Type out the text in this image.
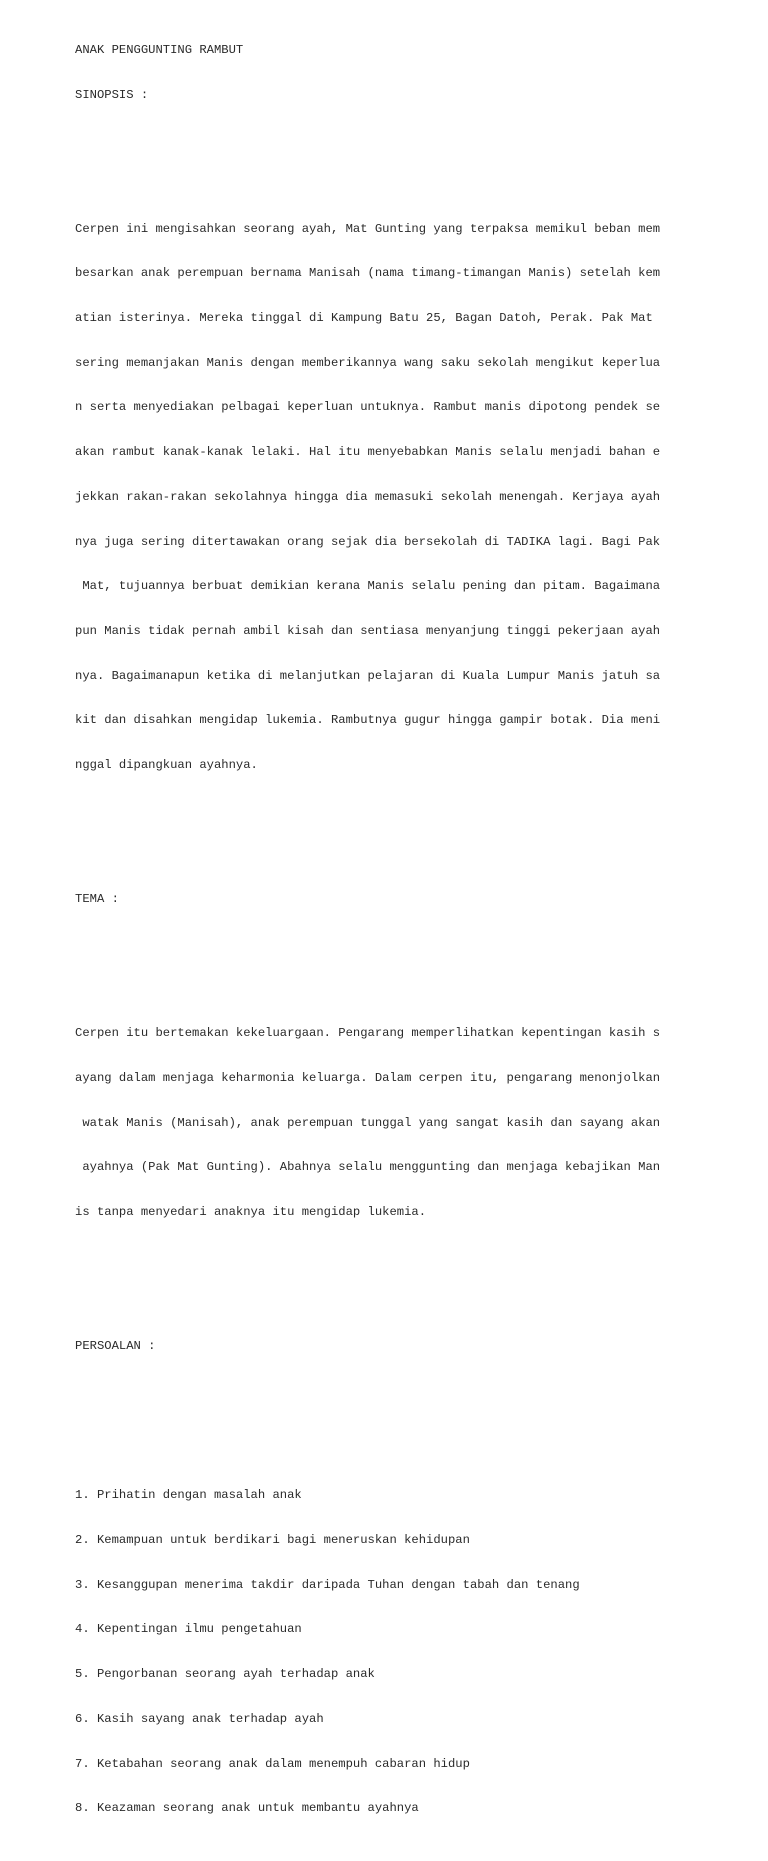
ANAK PENGGUNTING RAMBUT

SINOPSIS :

Cerpen ini mengisahkan seorang ayah, Mat Gunting yang terpaksa memikul beban mem

besarkan anak perempuan bernama Manisah (nama timang-timangan Manis) setelah kem

atian isterinya. Mereka tinggal di Kampung Batu 25, Bagan Datoh, Perak. Pak Mat

sering memanjakan Manis dengan memberikannya wang saku sekolah mengikut keperlua

n serta menyediakan pelbagai keperluan untuknya. Rambut manis dipotong pendek se

akan rambut kanak-kanak lelaki. Hal itu menyebabkan Manis selalu menjadi bahan e

jekkan rakan-rakan sekolahnya hingga dia memasuki sekolah menengah. Kerjaya ayah

nya juga sering ditertawakan orang sejak dia bersekolah di TADIKA lagi. Bagi Pak

Mat, tujuannya berbuat demikian kerana Manis selalu pening dan pitam. Bagaimana

pun Manis tidak pernah ambil kisah dan sentiasa menyanjung tinggi pekerjaan ayah

nya. Bagaimanapun ketika di melanjutkan pelajaran di Kuala Lumpur Manis jatuh sa

kit dan disahkan mengidap lukemia. Rambutnya gugur hingga gampir botak. Dia meni

nggal dipangkuan ayahnya.

TEMA :

Cerpen itu bertemakan kekeluargaan. Pengarang memperlihatkan kepentingan kasih s

ayang dalam menjaga keharmonia keluarga. Dalam cerpen itu, pengarang menonjolkan

watak Manis (Manisah), anak perempuan tunggal yang sangat kasih dan sayang akan

ayahnya (Pak Mat Gunting). Abahnya selalu menggunting dan menjaga kebajikan Man

is tanpa menyedari anaknya itu mengidap lukemia.

PERSOALAN :

1. Prihatin dengan masalah anak

2. Kemampuan untuk berdikari bagi meneruskan kehidupan

3. Kesanggupan menerima takdir daripada Tuhan dengan tabah dan tenang

4. Kepentingan ilmu pengetahuan

5. Pengorbanan seorang ayah terhadap anak

6. Kasih sayang anak terhadap ayah

7. Ketabahan seorang anak dalam menempuh cabaran hidup

8. Keazaman seorang anak untuk membantu ayahnya
